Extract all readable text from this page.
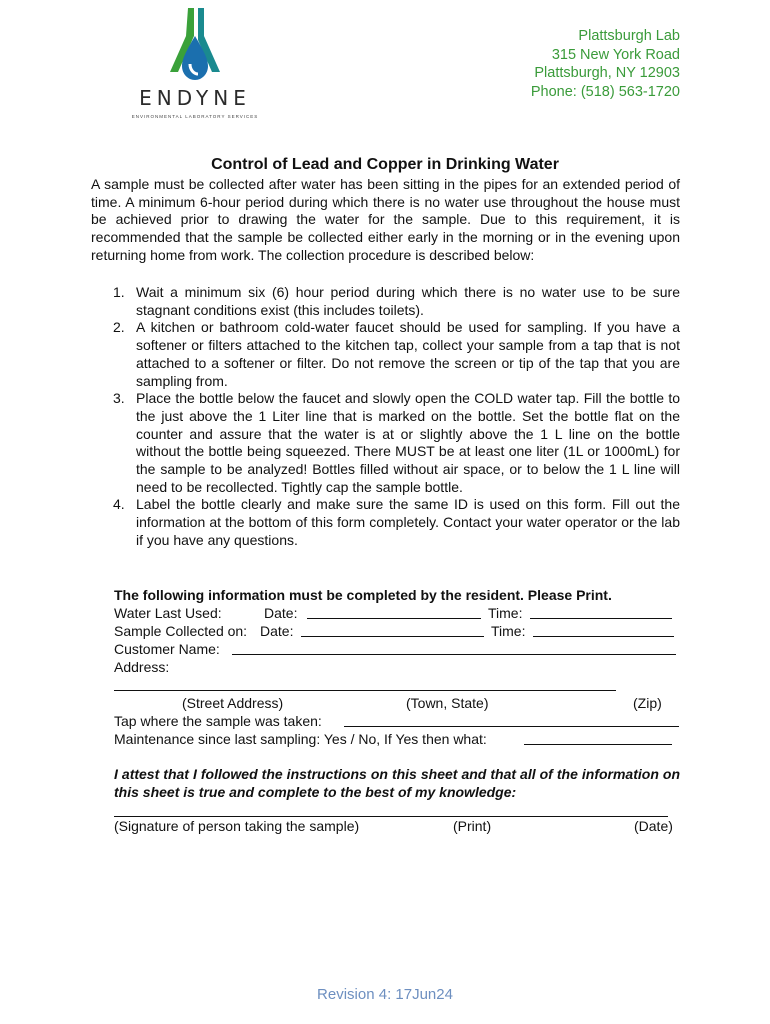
ENDYNE
ENVIRONMENTAL LABORATORY SERVICES
Plattsburgh Lab
315 New York Road
Plattsburgh, NY 12903
Phone: (518) 563-1720
Control of Lead and Copper in Drinking Water
A sample must be collected after water has been sitting in the pipes for an extended period of time. A minimum 6-hour period during which there is no water use throughout the house must be achieved prior to drawing the water for the sample. Due to this requirement, it is recommended that the sample be collected either early in the morning or in the evening upon returning home from work. The collection procedure is described below:
1. Wait a minimum six (6) hour period during which there is no water use to be sure stagnant conditions exist (this includes toilets).
2. A kitchen or bathroom cold-water faucet should be used for sampling. If you have a softener or filters attached to the kitchen tap, collect your sample from a tap that is not attached to a softener or filter. Do not remove the screen or tip of the tap that you are sampling from.
3. Place the bottle below the faucet and slowly open the COLD water tap. Fill the bottle to the just above the 1 Liter line that is marked on the bottle. Set the bottle flat on the counter and assure that the water is at or slightly above the 1 L line on the bottle without the bottle being squeezed. There MUST be at least one liter (1L or 1000mL) for the sample to be analyzed! Bottles filled without air space, or to below the 1 L line will need to be recollected. Tightly cap the sample bottle.
4. Label the bottle clearly and make sure the same ID is used on this form. Fill out the information at the bottom of this form completely. Contact your water operator or the lab if you have any questions.
The following information must be completed by the resident. Please Print.
Water Last Used:	Date:	Time:
Sample Collected on: Date:	Time:
Customer Name:
Address:
(Street Address)	(Town, State)	(Zip)
Tap where the sample was taken:
Maintenance since last sampling: Yes / No, If Yes then what:
I attest that I followed the instructions on this sheet and that all of the information on this sheet is true and complete to the best of my knowledge:
(Signature of person taking the sample)	(Print)	(Date)
Revision 4: 17Jun24
